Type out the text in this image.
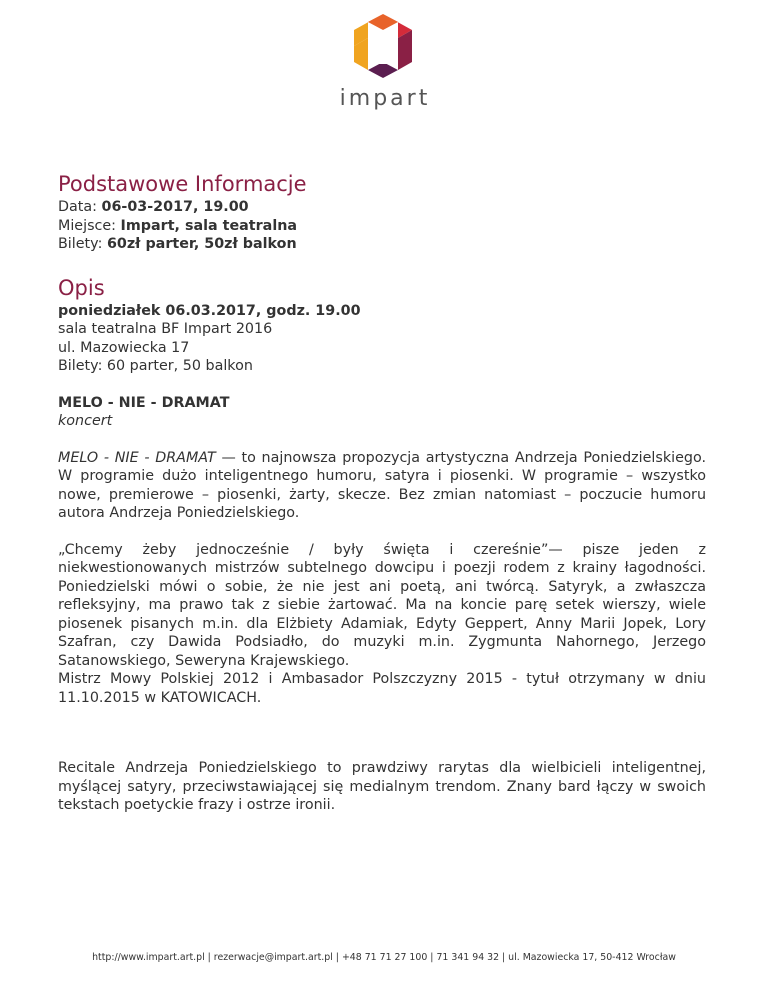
impart
Podstawowe Informacje

Data: 06-03-2017, 19.00

Miejsce: Impart, sala teatralna

Bilety: 60zł parter, 50zł balkon

Opis

poniedziałek 06.03.2017, godz. 19.00

sala teatralna BF Impart 2016

ul. Mazowiecka 17

Bilety: 60 parter, 50 balkon

MELO - NIE - DRAMAT

koncert

MELO - NIE - DRAMAT — to najnowsza propozycja artystyczna Andrzeja Poniedzielskiego. W programie dużo inteligentnego humoru, satyra i piosenki. W programie – wszystko nowe, premierowe – piosenki, żarty, skecze. Bez zmian natomiast – poczucie humoru autora Andrzeja Poniedzielskiego.

„Chcemy żeby jednocześnie / były święta i czereśnie”— pisze jeden z niekwestionowanych mistrzów subtelnego dowcipu i poezji rodem z krainy łagodności. Poniedzielski mówi o sobie, że nie jest ani poetą, ani twórcą. Satyryk, a zwłaszcza refleksyjny, ma prawo tak z siebie żartować. Ma na koncie parę setek wierszy, wiele piosenek pisanych m.in. dla Elżbiety Adamiak, Edyty Geppert, Anny Marii Jopek, Lory Szafran, czy Dawida Podsiadło, do muzyki m.in. Zygmunta Nahornego, Jerzego Satanowskiego, Seweryna Krajewskiego.

Mistrz Mowy Polskiej 2012 i Ambasador Polszczyzny 2015 - tytuł otrzymany w dniu 11.10.2015 w KATOWICACH.

Recitale Andrzeja Poniedzielskiego to prawdziwy rarytas dla wielbicieli inteligentnej, myślącej satyry, przeciwstawiającej się medialnym trendom. Znany bard łączy w swoich tekstach poetyckie frazy i ostrze ironii.

http://www.impart.art.pl | rezerwacje@impart.art.pl | +48 71 71 27 100 | 71 341 94 32 | ul. Mazowiecka 17, 50-412 Wrocław
